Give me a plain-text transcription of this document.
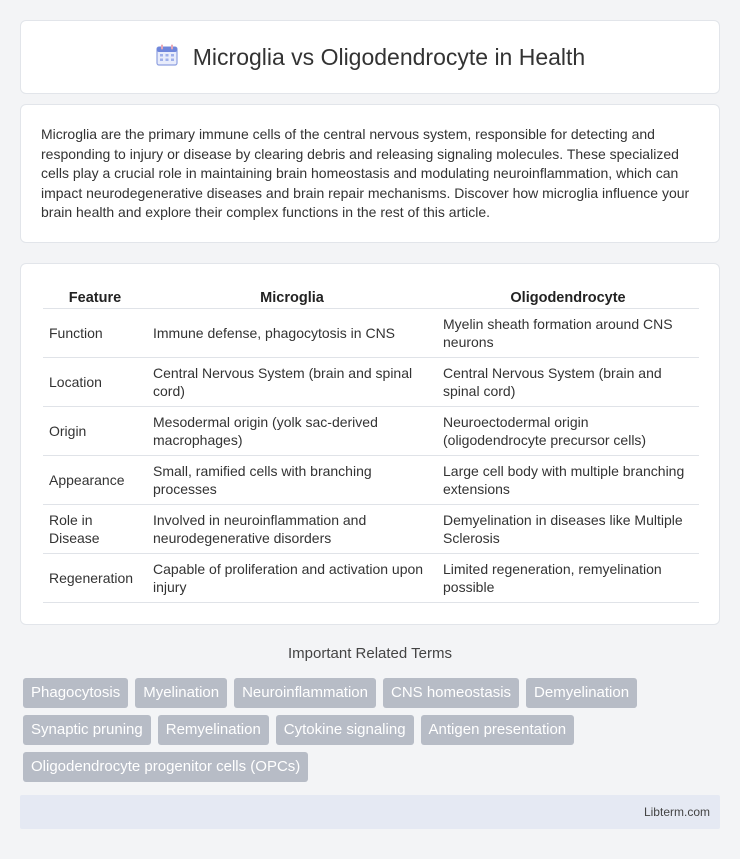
Microglia vs Oligodendrocyte in Health

Microglia are the primary immune cells of the central nervous system, responsible for detecting and responding to injury or disease by clearing debris and releasing signaling molecules. These specialized cells play a crucial role in maintaining brain homeostasis and modulating neuroinflammation, which can impact neurodegenerative diseases and brain repair mechanisms. Discover how microglia influence your brain health and explore their complex functions in the rest of this article.

Feature	Microglia	Oligodendrocyte
Function	Immune defense, phagocytosis in CNS	Myelin sheath formation around CNS neurons
Location	Central Nervous System (brain and spinal cord)	Central Nervous System (brain and spinal cord)
Origin	Mesodermal origin (yolk sac-derived macrophages)	Neuroectodermal origin (oligodendrocyte precursor cells)
Appearance	Small, ramified cells with branching processes	Large cell body with multiple branching extensions
Role in Disease	Involved in neuroinflammation and neurodegenerative disorders	Demyelination in diseases like Multiple Sclerosis
Regeneration	Capable of proliferation and activation upon injury	Limited regeneration, remyelination possible
Important Related Terms
Phagocytosis	Myelination	Neuroinflammation	CNS homeostasis	Demyelination
Synaptic pruning	Remyelination	Cytokine signaling	Antigen presentation
Oligodendrocyte progenitor cells (OPCs)
Libterm.com
